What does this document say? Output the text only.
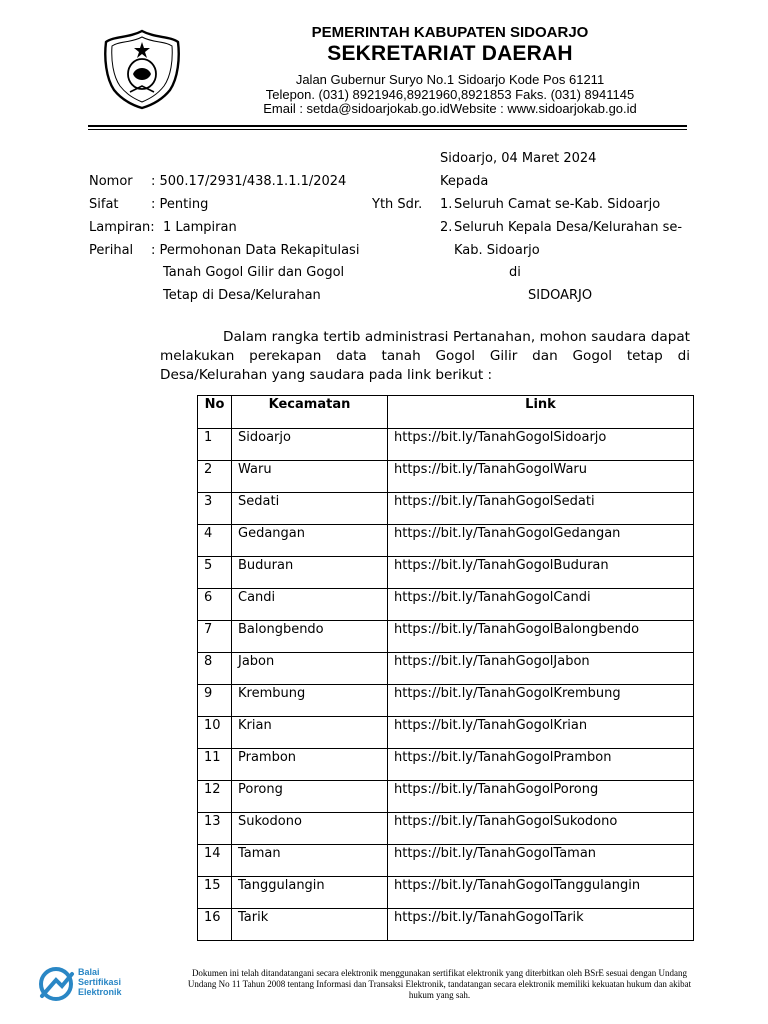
PEMERINTAH KABUPATEN SIDOARJO
SEKRETARIAT DAERAH
Jalan Gubernur Suryo No.1 Sidoarjo Kode Pos 61211
Telepon. (031) 8921946,8921960,8921853 Faks. (031) 8941145
Email : setda@sidoarjokab.go.idWebsite : www.sidoarjokab.go.id
Sidoarjo, 04 Maret 2024
Kepada
Nomor : 500.17/2931/438.1.1.1/2024
Sifat : Penting
Lampiran: 1 Lampiran
Perihal : Permohonan Data Rekapitulasi
Tanah Gogol Gilir dan Gogol
Tetap di Desa/Kelurahan
Yth Sdr. 1. Seluruh Camat se-Kab. Sidoarjo
2. Seluruh Kepala Desa/Kelurahan se-
Kab. Sidoarjo
di
SIDOARJO
Dalam rangka tertib administrasi Pertanahan, mohon saudara dapat melakukan perekapan data tanah Gogol Gilir dan Gogol tetap di Desa/Kelurahan yang saudara pada link berikut :
No	Kecamatan	Link
1	Sidoarjo	https://bit.ly/TanahGogolSidoarjo
2	Waru	https://bit.ly/TanahGogolWaru
3	Sedati	https://bit.ly/TanahGogolSedati
4	Gedangan	https://bit.ly/TanahGogolGedangan
5	Buduran	https://bit.ly/TanahGogolBuduran
6	Candi	https://bit.ly/TanahGogolCandi
7	Balongbendo	https://bit.ly/TanahGogolBalongbendo
8	Jabon	https://bit.ly/TanahGogolJabon
9	Krembung	https://bit.ly/TanahGogolKrembung
10	Krian	https://bit.ly/TanahGogolKrian
11	Prambon	https://bit.ly/TanahGogolPrambon
12	Porong	https://bit.ly/TanahGogolPorong
13	Sukodono	https://bit.ly/TanahGogolSukodono
14	Taman	https://bit.ly/TanahGogolTaman
15	Tanggulangin	https://bit.ly/TanahGogolTanggulangin
16	Tarik	https://bit.ly/TanahGogolTarik
Balai
Sertifikasi
Elektronik
Dokumen ini telah ditandatangani secara elektronik menggunakan sertifikat elektronik yang diterbitkan oleh BSrE sesuai dengan Undang
Undang No 11 Tahun 2008 tentang Informasi dan Transaksi Elektronik, tandatangan secara elektronik memiliki kekuatan hukum dan akibat
hukum yang sah.
